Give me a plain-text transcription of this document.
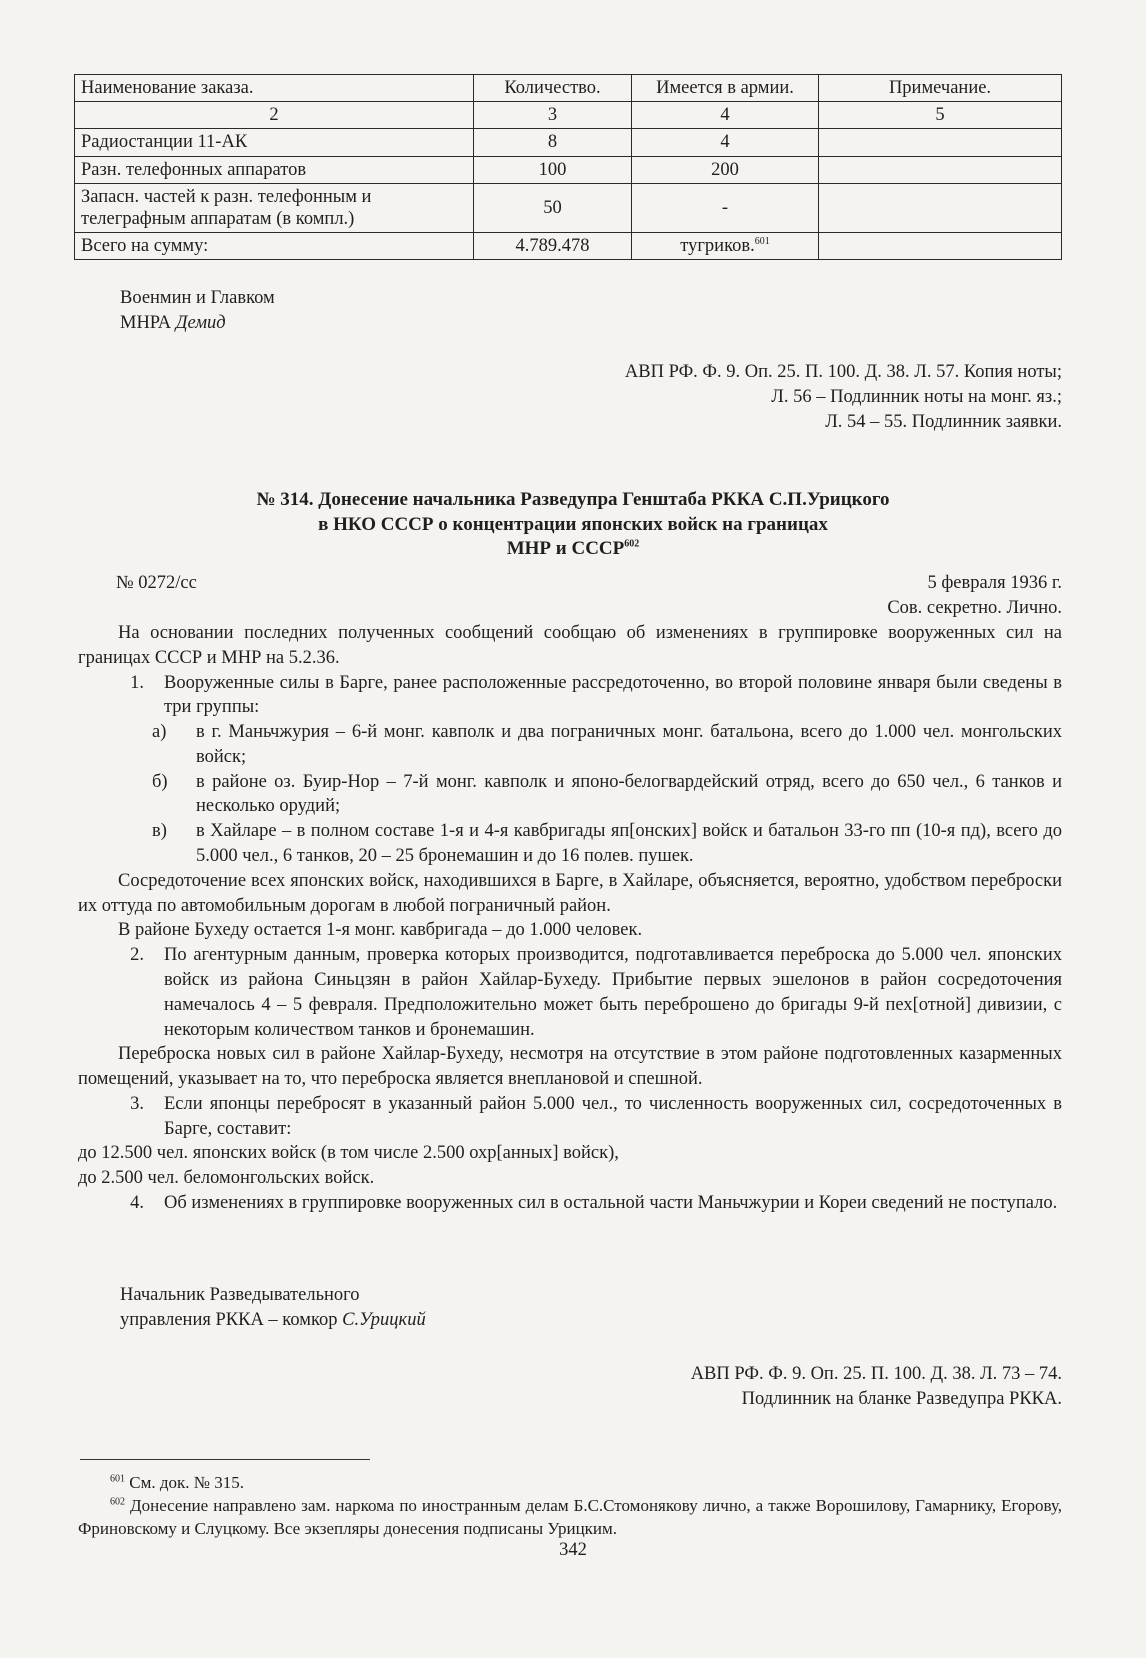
Наименование заказа.	Количество.	Имеется в армии.	Примечание.
2	3	4	5
Радиостанции 11-АК	8	4	
Разн. телефонных аппаратов	100	200	
Запасн. частей к разн. телефонным и телеграфным аппаратам (в компл.)	50	-	
Всего на сумму:	4.789.478	тугриков.$^{601}$	
Военмин и Главком
МНРА Демид
АВП РФ. Ф. 9. Оп. 25. П. 100. Д. 38. Л. 57. Копия ноты;
Л. 56 – Подлинник ноты на монг. яз.;
Л. 54 – 55. Подлинник заявки.
№ 314. Донесение начальника Разведупра Генштаба РККА С.П.Урицкого
в НКО СССР о концентрации японских войск на границах
МНР и СССР$^{602}$
№ 0272/сс	5 февраля 1936 г.
Сов. секретно. Лично.

На основании последних полученных сообщений сообщаю об изменениях в группировке вооруженных сил на границах СССР и МНР на 5.2.36.

1.	Вооруженные силы в Барге, ранее расположенные рассредоточенно, во второй половине января были сведены в три группы:
а)	в г. Маньчжурия – 6-й монг. кавполк и два пограничных монг. батальона, всего до 1.000 чел. монгольских войск;
б)	в районе оз. Буир-Нор – 7-й монг. кавполк и японо-белогвардейский отряд, всего до 650 чел., 6 танков и несколько орудий;
в)	в Хайларе – в полном составе 1-я и 4-я кавбригады яп[онских] войск и батальон 33-го пп (10-я пд), всего до 5.000 чел., 6 танков, 20 – 25 бронемашин и до 16 полев. пушек.

Сосредоточение всех японских войск, находившихся в Барге, в Хайларе, объясняется, вероятно, удобством переброски их оттуда по автомобильным дорогам в любой пограничный район.

В районе Бухеду остается 1-я монг. кавбригада – до 1.000 человек.

2.	По агентурным данным, проверка которых производится, подготавливается переброска до 5.000 чел. японских войск из района Синьцзян в район Хайлар-Бухеду. Прибытие первых эшелонов в район сосредоточения намечалось 4 – 5 февраля. Предположительно может быть переброшено до бригады 9-й пех[отной] дивизии, с некоторым количеством танков и бронемашин.

Переброска новых сил в районе Хайлар-Бухеду, несмотря на отсутствие в этом районе подготовленных казарменных помещений, указывает на то, что переброска является внеплановой и спешной.

3.	Если японцы перебросят в указанный район 5.000 чел., то численность вооруженных сил, сосредоточенных в Барге, составит:

до 12.500 чел. японских войск (в том числе 2.500 охр[анных] войск),

до 2.500 чел. беломонгольских войск.

4.	Об изменениях в группировке вооруженных сил в остальной части Маньчжурии и Кореи сведений не поступало.
Начальник Разведывательного
управления РККА – комкор С.Урицкий
АВП РФ. Ф. 9. Оп. 25. П. 100. Д. 38. Л. 73 – 74.
Подлинник на бланке Разведупра РККА.

$^{601}$ См. док. № 315.

$^{602}$ Донесение направлено зам. наркома по иностранным делам Б.С.Стомонякову лично, а также Ворошилову, Гамарнику, Егорову, Фриновскому и Слуцкому. Все экзепляры донесения подписаны Урицким.

342
